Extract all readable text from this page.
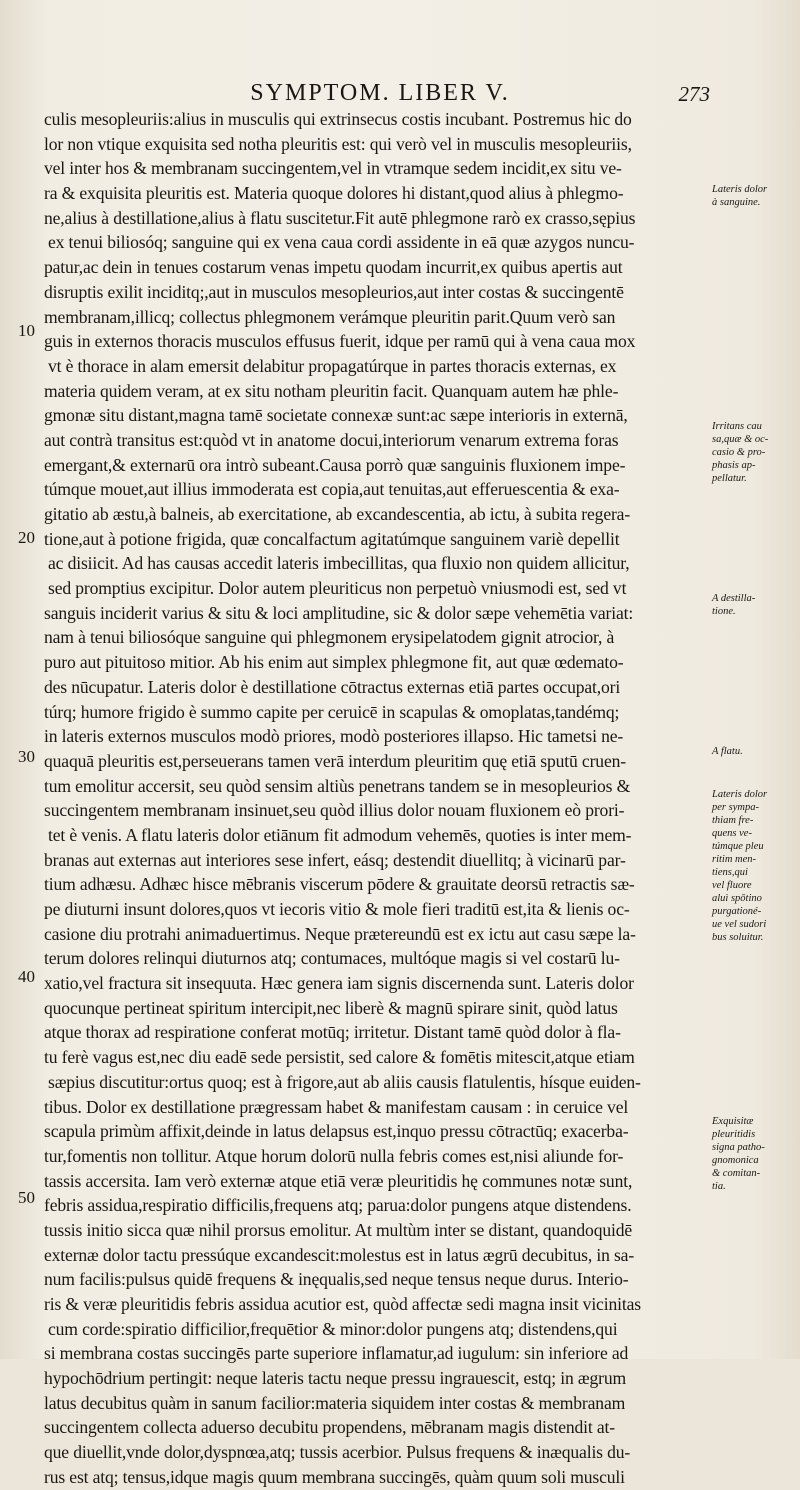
SYMPTOM. LIBER V.	273
culis mesopleuriis:alius in musculis qui extrinsecus costis incubant. Postremus hic do
lor non vtique exquisita sed notha pleuritis est: qui verò vel in musculis mesopleuriis,
vel inter hos & membranam succingentem,vel in vtramque sedem incidit,ex situ ve-
ra & exquisita pleuritis est. Materia quoque dolores hi distant,quod alius à phlegmo-
ne,alius à destillatione,alius à flatu suscitetur.Fit autē phlegmone rarò ex crasso,sępius
ex tenui biliosóq; sanguine qui ex vena caua cordi assidente in eā quæ azygos nuncu-
patur,ac dein in tenues costarum venas impetu quodam incurrit,ex quibus apertis aut
disruptis exilit inciditq;,aut in musculos mesopleurios,aut inter costas & succingentē
membranam,illicq; collectus phlegmonem verámque pleuritin parit.Quum verò san
guis in externos thoracis musculos effusus fuerit, idque per ramū qui à vena caua mox
vt è thorace in alam emersit delabitur propagatúrque in partes thoracis externas, ex
materia quidem veram, at ex situ notham pleuritin facit. Quanquam autem hæ phle-
gmonæ situ distant,magna tamē societate connexæ sunt:ac sæpe interioris in externā,
aut contrà transitus est:quòd vt in anatome docui,interiorum venarum extrema foras
emergant,& externarū ora intrò subeant.Causa porrò quæ sanguinis fluxionem impe-
túmque mouet,aut illius immoderata est copia,aut tenuitas,aut efferuescentia & exa-
gitatio ab æstu,à balneis, ab exercitatione, ab excandescentia, ab ictu, à subita regera-
tione,aut à potione frigida, quæ concalfactum agitatúmque sanguinem variè depellit
ac disiicit. Ad has causas accedit lateris imbecillitas, qua fluxio non quidem allicitur,
sed promptius excipitur. Dolor autem pleuriticus non perpetuò vniusmodi est, sed vt
sanguis inciderit varius & situ & loci amplitudine, sic & dolor sæpe vehemētia variat:
nam à tenui biliosóque sanguine qui phlegmonem erysipelatodem gignit atrocior, à
puro aut pituitoso mitior. Ab his enim aut simplex phlegmone fit, aut quæ œdemato-
des nūcupatur. Lateris dolor è destillatione cōtractus externas etiā partes occupat,ori
túrq; humore frigido è summo capite per ceruicē in scapulas & omoplatas,tandémq;
in lateris externos musculos modò priores, modò posteriores illapso. Hic tametsi ne-
quaquā pleuritis est,perseuerans tamen verā interdum pleuritim quę etiā sputū cruen-
tum emolitur accersit, seu quòd sensim altiùs penetrans tandem se in mesopleurios &
succingentem membranam insinuet,seu quòd illius dolor nouam fluxionem eò prori-
tet è venis. A flatu lateris dolor etiānum fit admodum vehemēs, quoties is inter mem-
branas aut externas aut interiores sese infert, eásq; destendit diuellitq; à vicinarū par-
tium adhæsu. Adhæc hisce mēbranis viscerum pōdere & grauitate deorsū retractis sæ-
pe diuturni insunt dolores,quos vt iecoris vitio & mole fieri traditū est,ita & lienis oc-
casione diu protrahi animaduertimus. Neque prætereundū est ex ictu aut casu sæpe la-
terum dolores relinqui diuturnos atq; contumaces, multóque magis si vel costarū lu-
xatio,vel fractura sit insequuta. Hæc genera iam signis discernenda sunt. Lateris dolor
quocunque pertineat spiritum intercipit,nec liberè & magnū spirare sinit, quòd latus
atque thorax ad respiratione conferat motūq; irritetur. Distant tamē quòd dolor à fla-
tu ferè vagus est,nec diu eadē sede persistit, sed calore & fomētis mitescit,atque etiam
sæpius discutitur:ortus quoq; est à frigore,aut ab aliis causis flatulentis, hísque euiden-
tibus. Dolor ex destillatione prægressam habet & manifestam causam : in ceruice vel
scapula primùm affixit,deinde in latus delapsus est,inquo pressu cōtractūq; exacerba-
tur,fomentis non tollitur. Atque horum dolorū nulla febris comes est,nisi aliunde for-
tassis accersita. Iam verò externæ atque etiā veræ pleuritidis hę communes notæ sunt,
febris assidua,respiratio difficilis,frequens atq; parua:dolor pungens atque distendens.
tussis initio sicca quæ nihil prorsus emolitur. At multùm inter se distant, quandoquidē
externæ dolor tactu pressúque excandescit:molestus est in latus ægrū decubitus, in sa-
num facilis:pulsus quidē frequens & inęqualis,sed neque tensus neque durus. Interio-
ris & veræ pleuritidis febris assidua acutior est, quòd affectæ sedi magna insit vicinitas
cum corde:spiratio difficilior,frequētior & minor:dolor pungens atq; distendens,qui
si membrana costas succingēs parte superiore inflamatur,ad iugulum: sin inferiore ad
hypochōdrium pertingit: neque lateris tactu neque pressu ingrauescit, estq; in ægrum
latus decubitus quàm in sanum facilior:materia siquidem inter costas & membranam
succingentem collecta aduerso decubitu propendens, mēbranam magis distendit at-
que diuellit,vnde dolor,dyspnœa,atq; tussis acerbior. Pulsus frequens & inæqualis du-
rus est atq; tensus,idque magis quum membrana succingēs, quàm quum soli musculi
10
20
30
40
50
Lateris dolor
à sanguine.
Irritans cau
sa,quæ & oc-
casio & pro-
phasis ap-
pellatur.
A destilla-
tione.
A flatu.
Lateris dolor
per sympa-
thiam fre-
quens ve-
túmque pleu
ritim men-
tiens,qui
vel fluore
aluì spōtino
purgationé-
ue vel sudori
bus soluitur.
Exquisitæ
pleuritidis
signa patho-
gnomonica
& comitan-
tia.
